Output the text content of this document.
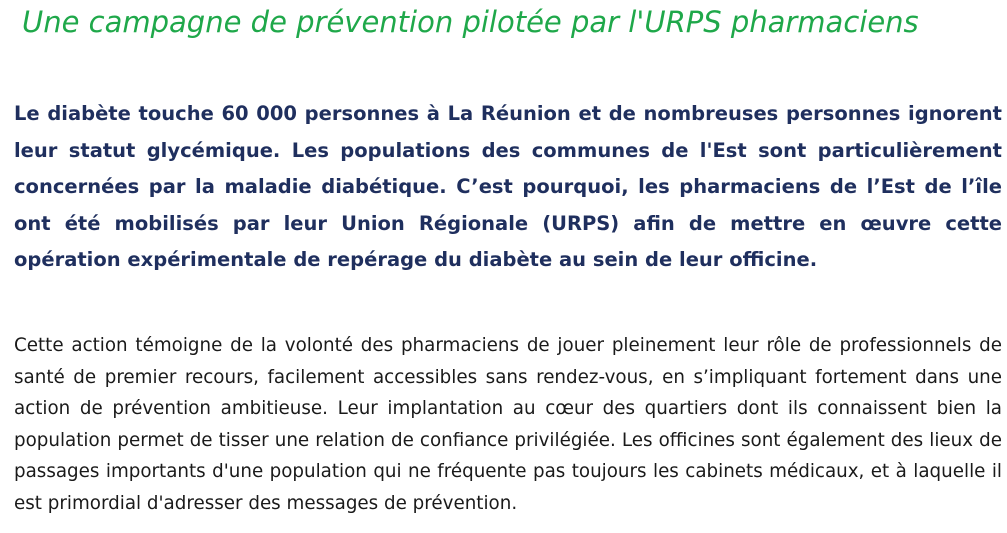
Une campagne de prévention pilotée par l'URPS pharmaciens

Le diabète touche 60 000 personnes à La Réunion et de nombreuses personnes ignorent leur statut glycémique. Les populations des communes de l'Est sont particulièrement concernées par la maladie diabétique. C’est pourquoi, les pharmaciens de l’Est de l’île ont été mobilisés par leur Union Régionale (URPS) afin de mettre en œuvre cette opération expérimentale de repérage du diabète au sein de leur officine.

Cette action témoigne de la volonté des pharmaciens de jouer pleinement leur rôle de professionnels de santé de premier recours, facilement accessibles sans rendez-vous, en s’impliquant fortement dans une action de prévention ambitieuse. Leur implantation au cœur des quartiers dont ils connaissent bien la population permet de tisser une relation de confiance privilégiée. Les officines sont également des lieux de passages importants d'une population qui ne fréquente pas toujours les cabinets médicaux, et à laquelle il est primordial d'adresser des messages de prévention.
